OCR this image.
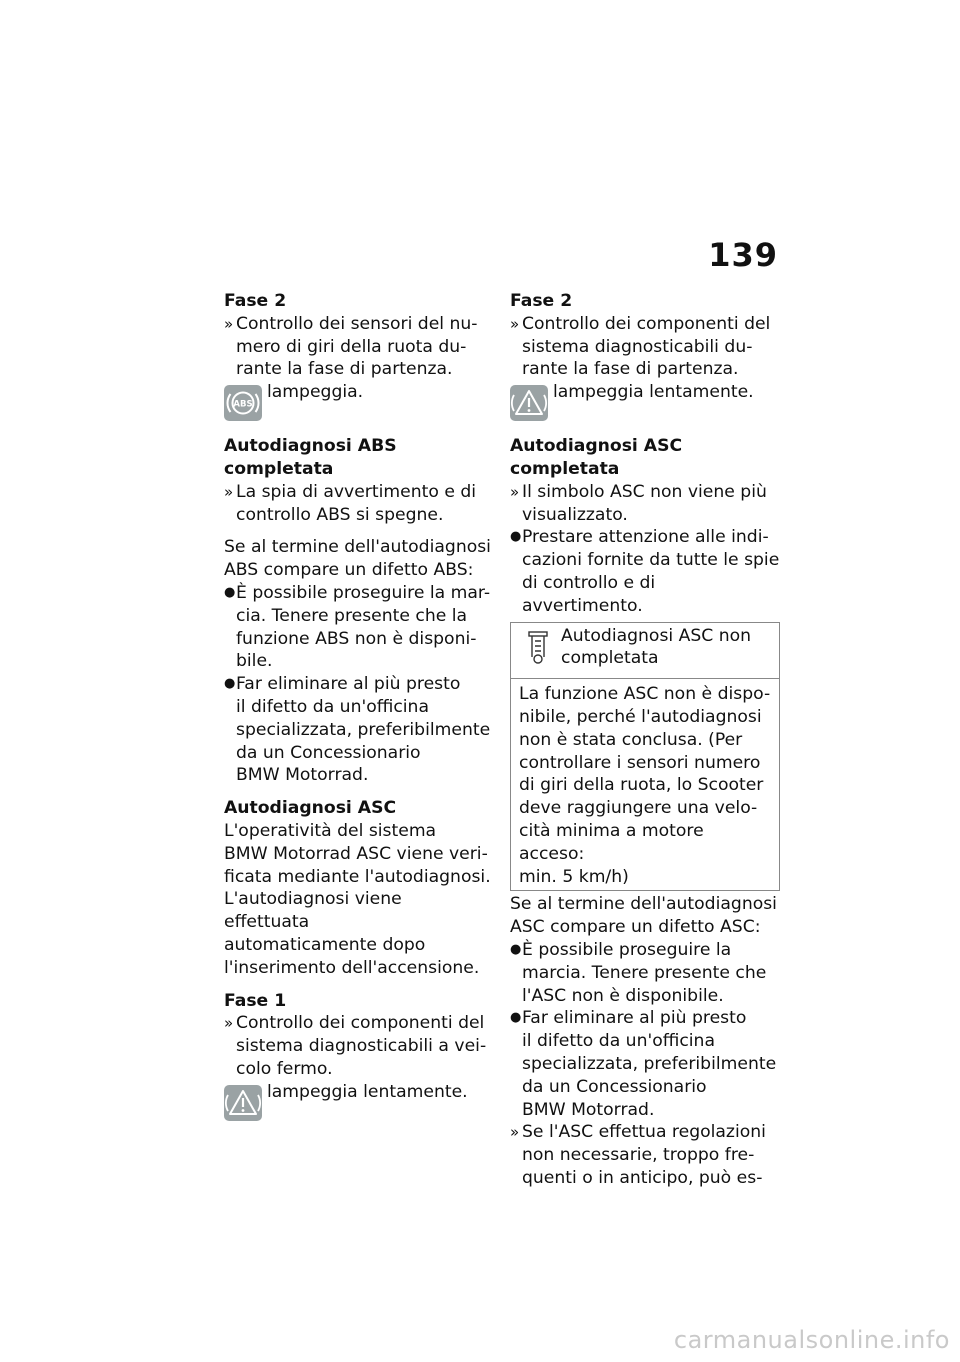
139

Fase 2

» Controllo dei sensori del nu-
mero di giri della ruota du-
rante la fase di partenza.
ABS

lampeggia.

Autodiagnosi ABS completata

» La spia di avvertimento e di
controllo ABS si spegne.

Se al termine dell'autodiagnosi
ABS compare un difetto ABS:

● È possibile proseguire la mar-
cia. Tenere presente che la
funzione ABS non è disponi-
bile.
● Far eliminare al più presto
il difetto da un'officina
specializzata, preferibilmente
da un Concessionario
BMW Motorrad.

Autodiagnosi ASC

L'operatività del sistema
BMW Motorrad ASC viene veri-
ficata mediante l'autodiagnosi.
L'autodiagnosi viene effettuata
automaticamente dopo
l'inserimento dell'accensione.

Fase 1

» Controllo dei componenti del
sistema diagnosticabili a vei-
colo fermo.

lampeggia lentamente.

Fase 2

» Controllo dei componenti del
sistema diagnosticabili du-
rante la fase di partenza.

lampeggia lentamente.

Autodiagnosi ASC completata

» Il simbolo ASC non viene più
visualizzato.
● Prestare attenzione alle indi-
cazioni fornite da tutte le spie
di controllo e di avvertimento.
Autodiagnosi ASC non
completata
La funzione ASC non è dispo-
nibile, perché l'autodiagnosi
non è stata conclusa. (Per
controllare i sensori numero
di giri della ruota, lo Scooter
deve raggiungere una velo-
cità minima a motore acceso:
min. 5 km/h)

Se al termine dell'autodiagnosi
ASC compare un difetto ASC:

● È possibile proseguire la
marcia. Tenere presente che
l'ASC non è disponibile.
● Far eliminare al più presto
il difetto da un'officina
specializzata, preferibilmente
da un Concessionario
BMW Motorrad.
» Se l'ASC effettua regolazioni
non necessarie, troppo fre-
quenti o in anticipo, può es-
carmanualsonline.info
